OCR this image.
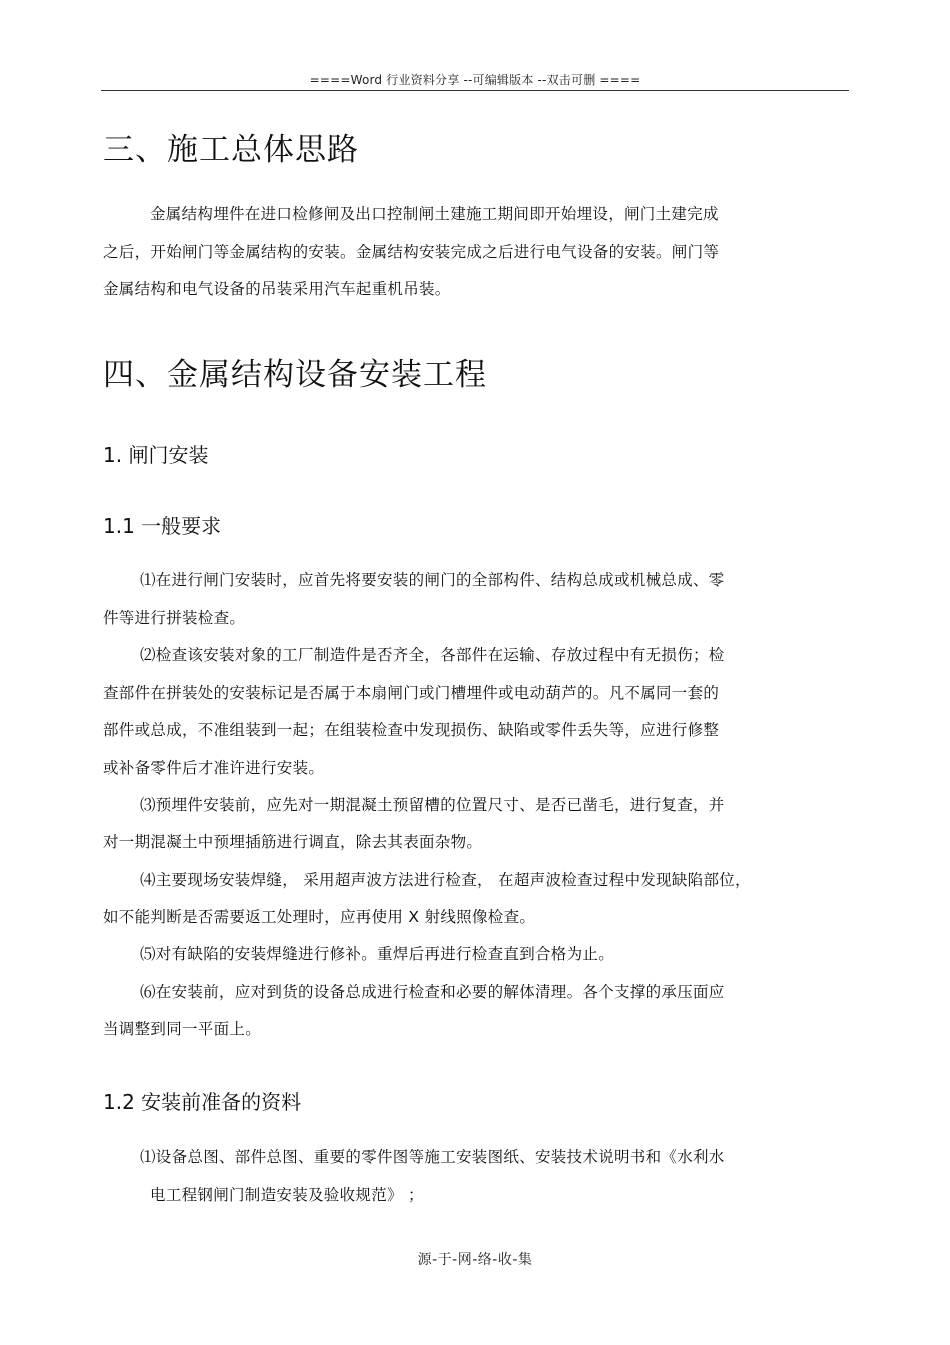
====Word 行业资料分享 --可编辑版本 --双击可删 ====
三、施工总体思路
金属结构埋件在进口检修闸及出口控制闸土建施工期间即开始埋设，闸门土建完成
之后，开始闸门等金属结构的安装。金属结构安装完成之后进行电气设备的安装。闸门等
金属结构和电气设备的吊装采用汽车起重机吊装。
四、金属结构设备安装工程
1. 闸门安装
1.1 一般要求
⑴在进行闸门安装时，应首先将要安装的闸门的全部构件、结构总成或机械总成、零
件等进行拼装检查。
⑵检查该安装对象的工厂制造件是否齐全，各部件在运输、存放过程中有无损伤；检
查部件在拼装处的安装标记是否属于本扇闸门或门槽埋件或电动葫芦的。凡不属同一套的
部件或总成，不准组装到一起；在组装检查中发现损伤、缺陷或零件丢失等，应进行修整
或补备零件后才准许进行安装。
⑶预埋件安装前，应先对一期混凝土预留槽的位置尺寸、是否已凿毛，进行复查，并
对一期混凝土中预埋插筋进行调直，除去其表面杂物。
⑷主要现场安装焊缝， 采用超声波方法进行检查， 在超声波检查过程中发现缺陷部位，
如不能判断是否需要返工处理时，应再使用 X 射线照像检查。
⑸对有缺陷的安装焊缝进行修补。重焊后再进行检查直到合格为止。
⑹在安装前，应对到货的设备总成进行检查和必要的解体清理。各个支撑的承压面应
当调整到同一平面上。
1.2 安装前准备的资料
⑴设备总图、部件总图、重要的零件图等施工安装图纸、安装技术说明书和《水利水
电工程钢闸门制造安装及验收规范》 ；
源-于-网-络-收-集
